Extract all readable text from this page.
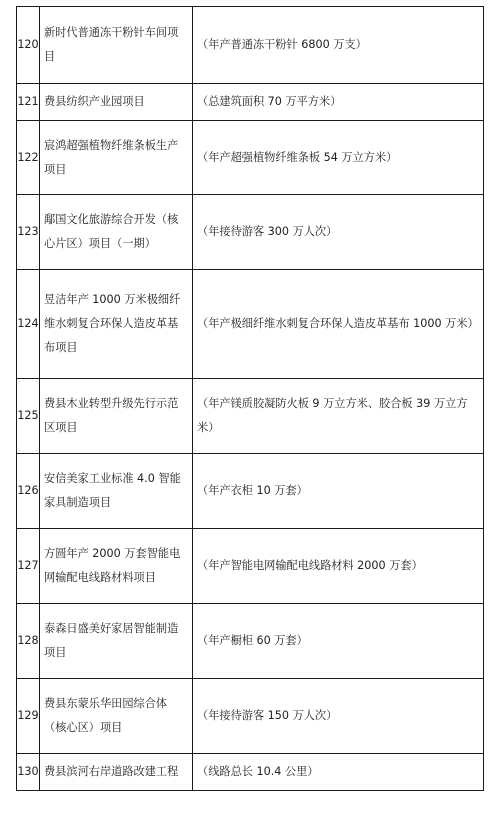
120	新时代普通冻干粉针车间项目	（年产普通冻干粉针 6800 万支）
121	费县纺织产业园项目	（总建筑面积 70 万平方米）
122	宸鸿超强植物纤维条板生产项目	（年产超强植物纤维条板 54 万立方米）
123	鄅国文化旅游综合开发（核心片区）项目（一期）	（年接待游客 300 万人次）
124	昱洁年产 1000 万米极细纤维水刺复合环保人造皮革基布项目	（年产极细纤维水刺复合环保人造皮革基布 1000 万米）
125	费县木业转型升级先行示范区项目	（年产镁质胶凝防火板 9 万立方米、胶合板 39 万立方米）
126	安信美家工业标准 4.0 智能家具制造项目	（年产衣柜 10 万套）
127	方圆年产 2000 万套智能电网输配电线路材料项目	（年产智能电网输配电线路材料 2000 万套）
128	泰森日盛美好家居智能制造项目	（年产橱柜 60 万套）
129	费县东蒙乐华田园综合体（核心区）项目	（年接待游客 150 万人次）
130	费县滨河右岸道路改建工程	（线路总长 10.4 公里）
